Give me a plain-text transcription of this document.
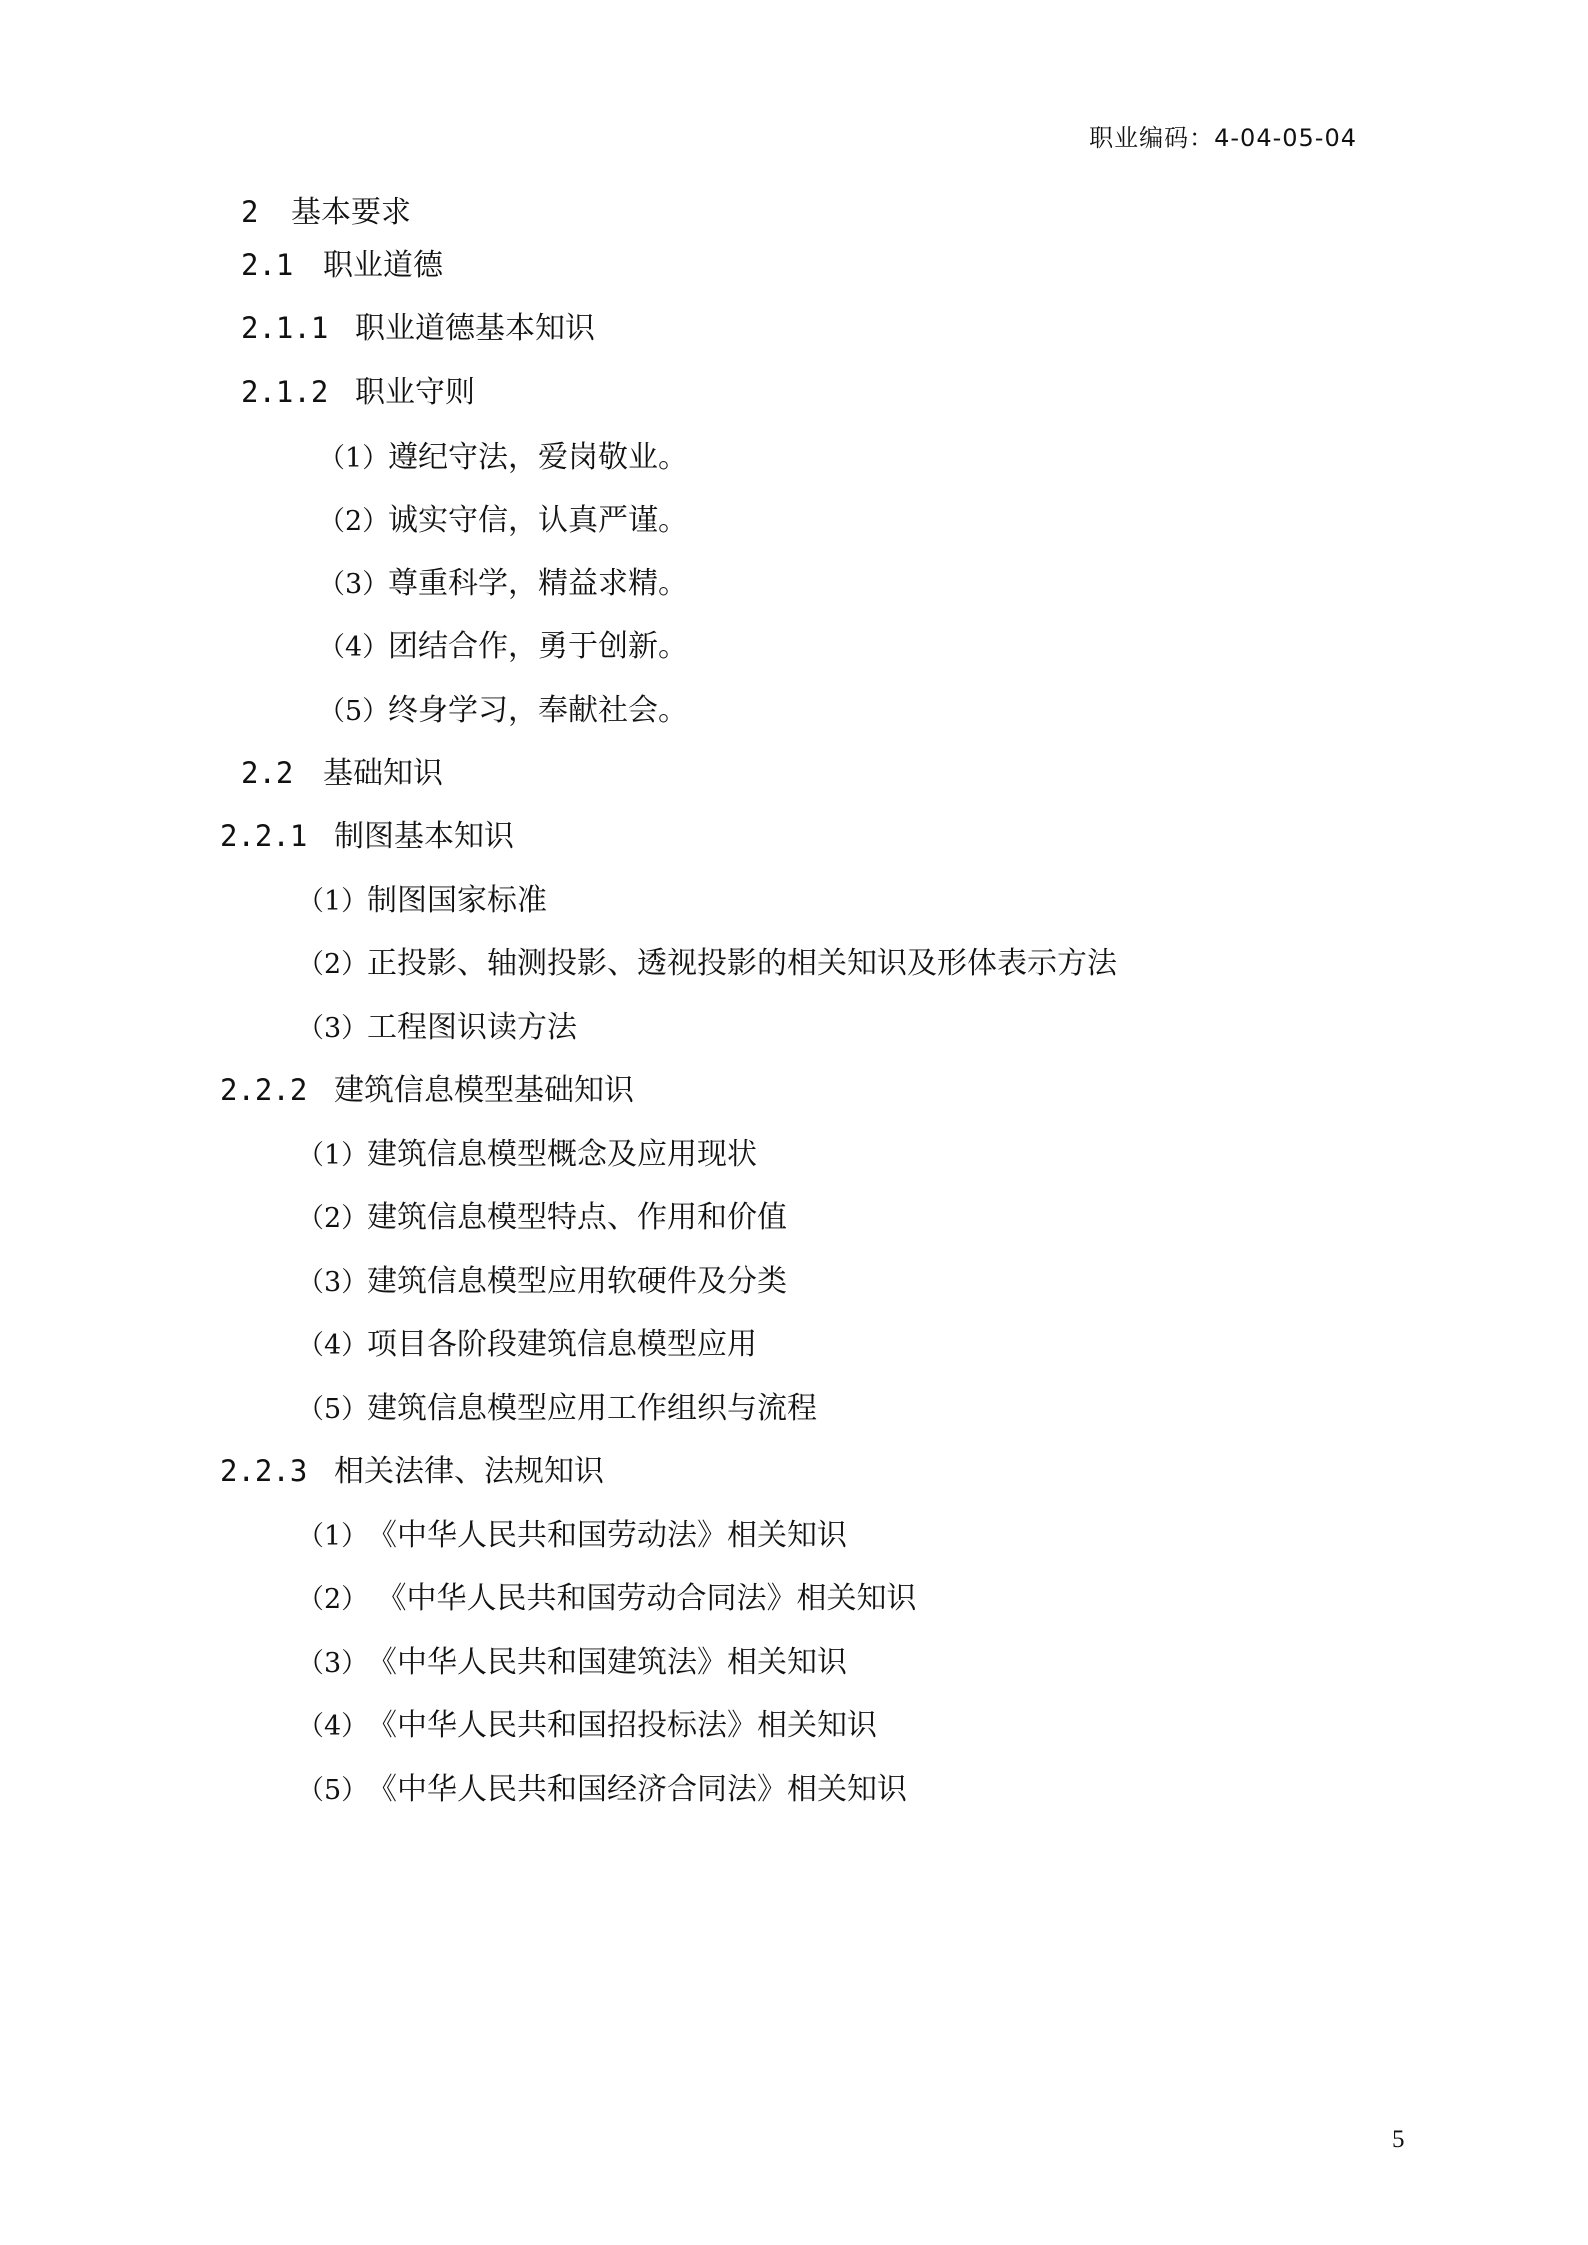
职业编码：4-04-05-04
2 基本要求
2.1 职业道德
2.1.1 职业道德基本知识
2.1.2 职业守则
（1）遵纪守法，爱岗敬业。
（2）诚实守信，认真严谨。
（3）尊重科学，精益求精。
（4）团结合作，勇于创新。
（5）终身学习，奉献社会。
2.2 基础知识
2.2.1 制图基本知识
（1）制图国家标准
（2）正投影、轴测投影、透视投影的相关知识及形体表示方法
（3）工程图识读方法
2.2.2 建筑信息模型基础知识
（1）建筑信息模型概念及应用现状
（2）建筑信息模型特点、作用和价值
（3）建筑信息模型应用软硬件及分类
（4）项目各阶段建筑信息模型应用
（5）建筑信息模型应用工作组织与流程
2.2.3 相关法律、法规知识
（1）《中华人民共和国劳动法》相关知识
（2） 《中华人民共和国劳动合同法》相关知识
（3）《中华人民共和国建筑法》相关知识
（4）《中华人民共和国招投标法》相关知识
（5）《中华人民共和国经济合同法》相关知识
5
